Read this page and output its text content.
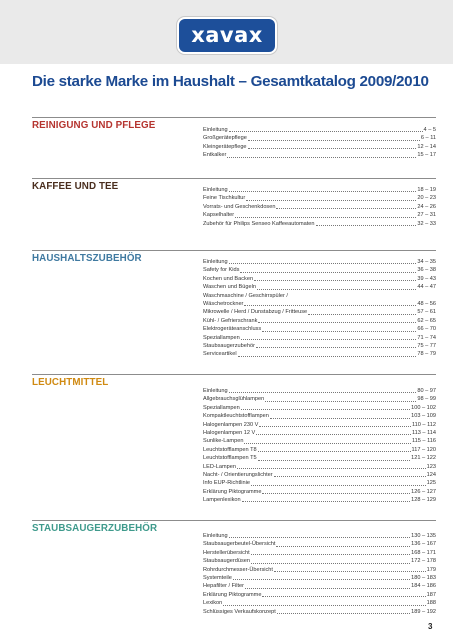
xavax
Die starke Marke im Haushalt – Gesamtkatalog 2009/2010
REINIGUNG UND PFLEGE	Einleitung	4 – 5
Großgerätepflege	6 – 11
Kleingerätepflege	12 – 14
Entkalker	15 – 17
KAFFEE UND TEE	Einleitung	18 – 19
Feine Tischkultur	20 – 23
Vorrats- und Geschenkdosen	24 – 26
Kapselhalter	27 – 31
Zubehör für Philips Senseo Kaffeeautomaten	32 – 33
HAUSHALTSZUBEHÖR	Einleitung	34 – 35
Safety for Kids	36 – 38
Kochen und Backen	39 – 43
Waschen und Bügeln	44 – 47
Waschmaschine / Geschirrspüler /
Wäschetrockner	48 – 56
Mikrowelle / Herd / Dunstabzug / Fritteuse	57 – 61
Kühl- / Gefrierschrank	62 – 65
Elektrogeräteanschluss	66 – 70
Speziallampen	71 – 74
Staubsaugerzubehör	75 – 77
Serviceartikel	78 – 79
LEUCHTMITTEL
Einleitung	80 – 97
Allgebrauchsglühlampen	98 – 99
Speziallampen	100 – 102
Kompaktleuchtstofflampen	103 – 109
Halogenlampen 230 V	110 – 112
Halogenlampen 12 V	113 – 114
Sunlike-Lampen	115 – 116
Leuchtstofflampen T8	117 – 120
Leuchtstofflampen T5	121 – 122
LED-Lampen	123
Nacht- / Orientierungslichter	124
Info EUP-Richtlinie	125
Erklärung Piktogramme	126 – 127
Lampenlexikon	128 – 129
STAUBSAUGERZUBEHÖR
Einleitung	130 – 135
Staubsaugerbeutel-Übersicht	136 – 167
Herstellerübersicht	168 – 171
Staubsaugerdüsen	172 – 178
Rohrdurchmesser-Übersicht	179
Systemteile	180 – 183
Hepafilter / Filter	184 – 186
Erklärung Piktogramme	187
Lexikon	188
Schlüssiges Verkaufskonzept	189 – 192
3
